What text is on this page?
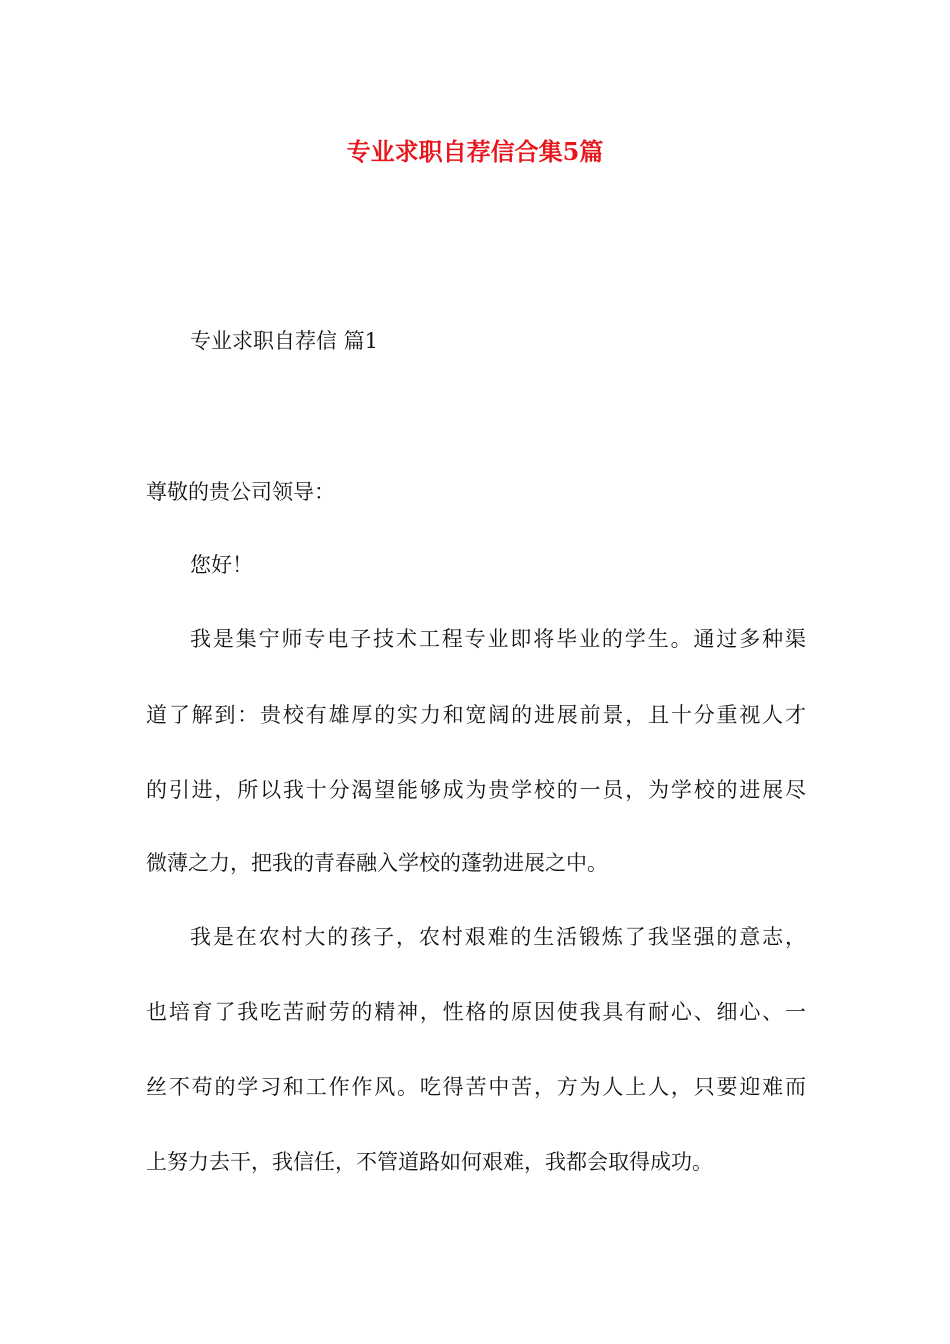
专业求职自荐信合集5篇
专业求职自荐信 篇1
尊敬的贵公司领导：
您好！
我是集宁师专电子技术工程专业即将毕业的学生。通过多种渠
道了解到：贵校有雄厚的实力和宽阔的进展前景，且十分重视人才
的引进，所以我十分渴望能够成为贵学校的一员，为学校的进展尽
微薄之力，把我的青春融入学校的蓬勃进展之中。
我是在农村大的孩子，农村艰难的生活锻炼了我坚强的意志，
也培育了我吃苦耐劳的精神，性格的原因使我具有耐心、细心、一
丝不苟的学习和工作作风。吃得苦中苦，方为人上人，只要迎难而
上努力去干，我信任，不管道路如何艰难，我都会取得成功。
